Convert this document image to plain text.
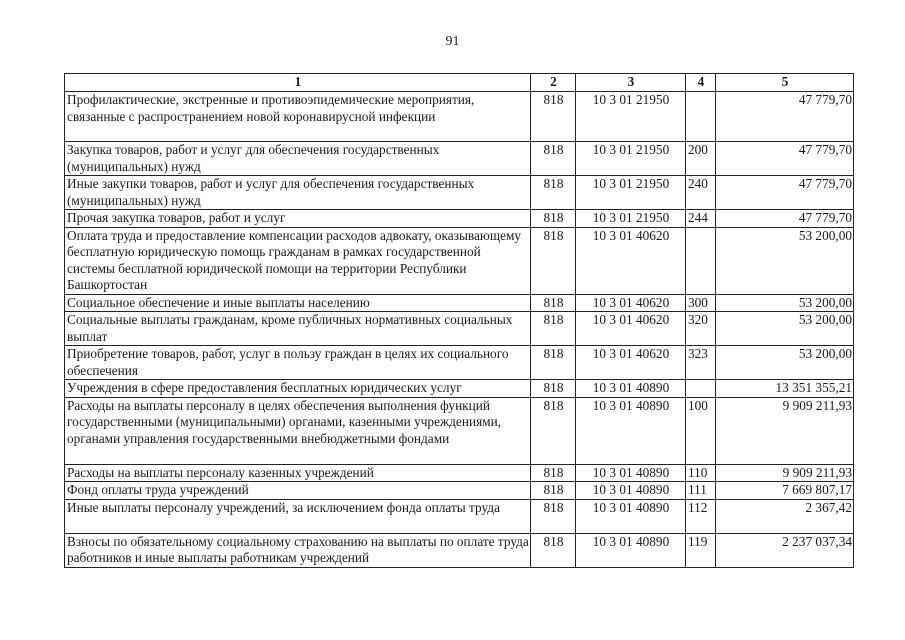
91
1	2	3	4	5
Профилактические, экстренные и противоэпидемические мероприятия, связанные с распространением новой коронавирусной инфекции	818	10 3 01 21950		47 779,70
Закупка товаров, работ и услуг для обеспечения государственных (муниципальных) нужд	818	10 3 01 21950	200	47 779,70
Иные закупки товаров, работ и услуг для обеспечения государственных (муниципальных) нужд	818	10 3 01 21950	240	47 779,70
Прочая закупка товаров, работ и услуг	818	10 3 01 21950	244	47 779,70
Оплата труда и предоставление компенсации расходов адвокату, оказывающему бесплатную юридическую помощь гражданам в рамках государственной системы бесплатной юридической помощи на территории Республики Башкортостан	818	10 3 01 40620		53 200,00
Социальное обеспечение и иные выплаты населению	818	10 3 01 40620	300	53 200,00
Социальные выплаты гражданам, кроме публичных нормативных социальных выплат	818	10 3 01 40620	320	53 200,00
Приобретение товаров, работ, услуг в пользу граждан в целях их социального обеспечения	818	10 3 01 40620	323	53 200,00
Учреждения в сфере предоставления бесплатных юридических услуг	818	10 3 01 40890		13 351 355,21
Расходы на выплаты персоналу в целях обеспечения выполнения функций государственными (муниципальными) органами, казенными учреждениями, органами управления государственными внебюджетными фондами	818	10 3 01 40890	100	9 909 211,93
Расходы на выплаты персоналу казенных учреждений	818	10 3 01 40890	110	9 909 211,93
Фонд оплаты труда учреждений	818	10 3 01 40890	111	7 669 807,17
Иные выплаты персоналу учреждений, за исключением фонда оплаты труда	818	10 3 01 40890	112	2 367,42
Взносы по обязательному социальному страхованию на выплаты по оплате труда работников и иные выплаты работникам учреждений	818	10 3 01 40890	119	2 237 037,34
